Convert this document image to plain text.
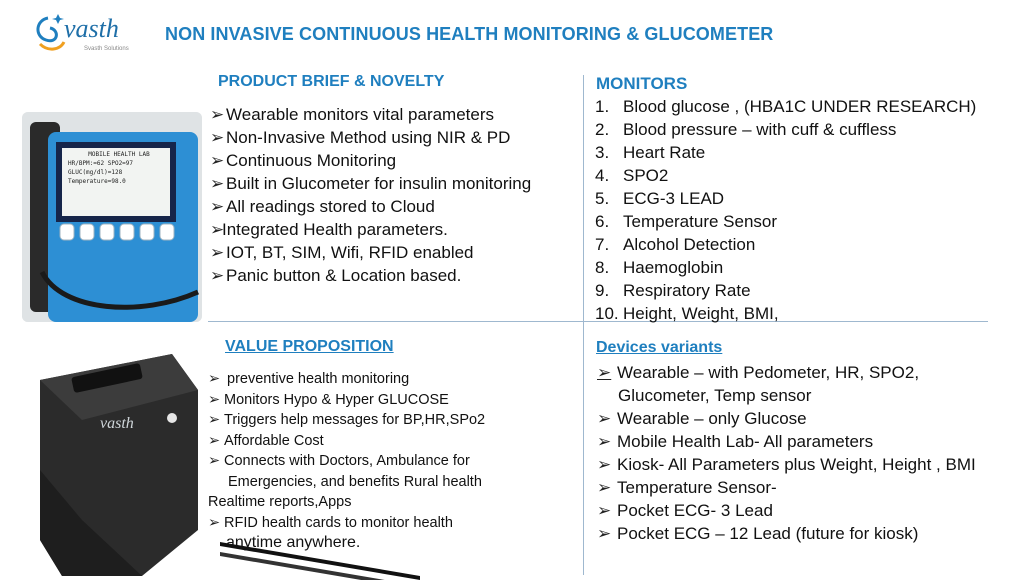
vasth
Svasth Solutions
NON INVASIVE CONTINUOUS HEALTH MONITORING & GLUCOMETER
MOBILE HEALTH LAB
HR/BPM:=62 SPO2=97
GLUC(mg/dl)=128
Temperature=98.0
vasth
PRODUCT BRIEF & NOVELTY
➢ Wearable monitors vital parameters
➢ Non-Invasive Method using NIR & PD
➢ Continuous Monitoring
➢ Built in Glucometer for insulin monitoring
➢ All readings stored to Cloud
➢Integrated Health parameters.
➢ IOT, BT, SIM, Wifi, RFID enabled
➢ Panic button & Location based.
MONITORS
1. Blood glucose , (HBA1C UNDER RESEARCH)
2. Blood pressure – with cuff & cuffless
3. Heart Rate
4. SPO2
5. ECG-3 LEAD
6. Temperature Sensor
7. Alcohol Detection
8. Haemoglobin
9. Respiratory Rate
10. Height, Weight, BMI,
VALUE PROPOSITION
➢ preventive health monitoring
➢ Monitors Hypo & Hyper GLUCOSE
➢ Triggers help messages for BP,HR,SPo2
➢ Affordable Cost
➢ Connects with Doctors, Ambulance for
Emergencies, and benefits Rural health
Realtime reports,Apps
➢ RFID health cards to monitor health
anytime anywhere.
Devices variants
➢ Wearable – with Pedometer, HR, SPO2,
Glucometer, Temp sensor
➢ Wearable – only Glucose
➢ Mobile Health Lab- All parameters
➢ Kiosk- All Parameters plus Weight, Height , BMI
➢ Temperature Sensor-
➢ Pocket ECG- 3 Lead
➢ Pocket ECG – 12 Lead (future for kiosk)
